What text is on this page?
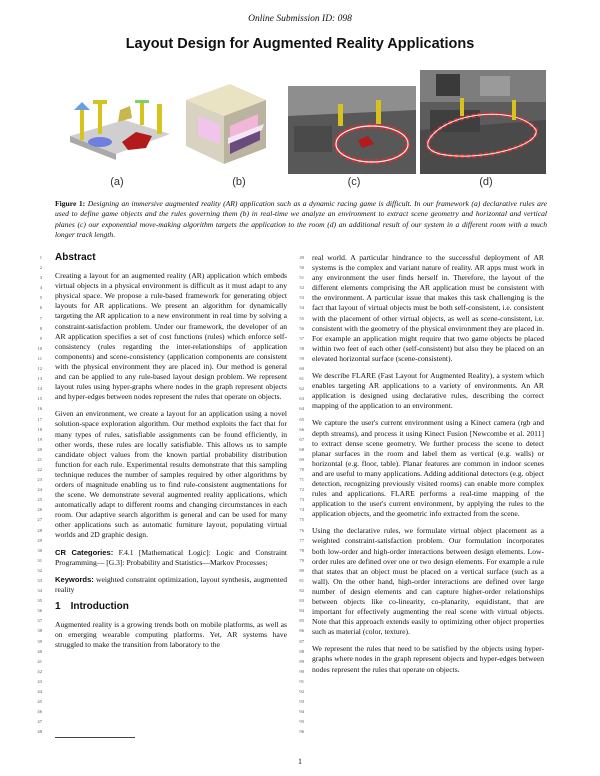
Online Submission ID: 098
Layout Design for Augmented Reality Applications
(a)	(b)	(c)	(d)
Figure 1: Designing an immersive augmented reality (AR) application such as a dynamic racing game is difficult. In our framework (a) declarative rules are used to define game objects and the rules governing them (b) in real-time we analyze an environment to extract scene geometry and horizontal and vertical planes (c) our exponential move-making algorithm targets the application to the room (d) an additional result of our system in a different room with a much longer track length.
1
2
3
4
5
6
7
8
9
10
11
12
13
14
15
16
17
18
19
20
21
22
23
24
25
26
27
28
29
30
31
32
33
34
35
36
37
38
39
40
41
42
43
44
45
46
47
48
49
50
51
52
53
54
55
56
57
58
59
60
61
62
63
64
65
66
67
68
69
70
71
72
73
74
75
76
77
78
79
80
81
82
83
84
85
86
87
88
89
90
91
92
93
94
95
96
Abstract

Creating a layout for an augmented reality (AR) application which embeds virtual objects in a physical environment is difficult as it must adapt to any physical space. We propose a rule-based framework for generating object layouts for AR applications. We present an algorithm for dynamically targeting the AR application to a new environment in real time by solving a constraint-satisfaction problem. Under our framework, the developer of an AR application specifies a set of cost functions (rules) which enforce self-consistency (rules regarding the inter-relationships of application components) and scene-consistency (application components are consistent with the physical environment they are placed in). Our method is general and can be applied to any rule-based layout design problem. We represent layout rules using hyper-graphs where nodes in the graph represent objects and hyper-edges between nodes represent the rules that operate on objects.

Given an environment, we create a layout for an application using a novel solution-space exploration algorithm. Our method exploits the fact that for many types of rules, satisfiable assignments can be found efficiently, in other words, these rules are locally satisfiable. This allows us to sample candidate object values from the known partial probability distribution function for each rule. Experimental results demonstrate that this sampling technique reduces the number of samples required by other algorithms by orders of magnitude enabling us to find rule-consistent augmentations for the scene. We demonstrate several augmented reality applications, which automatically adapt to different rooms and changing circumstances in each room. Our adaptive search algorithm is general and can be used for many other applications such as automatic furniture layout, populating virtual worlds and 2D graphic design.

CR Categories: F.4.1 [Mathematical Logic]: Logic and Constraint Programming— [G.3]: Probability and Statistics—Markov Processes;

Keywords: weighted constraint optimization, layout synthesis, augmented reality

1 Introduction

Augmented reality is a growing trends both on mobile platforms, as well as on emerging wearable computing platforms. Yet, AR systems have struggled to make the transition from laboratory to the

real world. A particular hindrance to the successful deployment of AR systems is the complex and variant nature of reality. AR apps must work in any environment the user finds herself in. Therefore, the layout of the different elements comprising the AR application must be consistent with the environment. A particular issue that makes this task challenging is the fact that layout of virtual objects must be both self-consistent, i.e. consistent with the placement of other virtual objects, as well as scene-consistent, i.e. consistent with the geometry of the physical environment they are placed in. For example an application might require that two game objects be placed within two feet of each other (self-consistent) but also they be placed on an elevated horizontal surface (scene-consistent).

We describe FLARE (Fast Layout for Augmented Reality), a system which enables targeting AR applications to a variety of environments. An AR application is designed using declarative rules, describing the correct mapping of the application to an environment.

We capture the user's current environment using a Kinect camera (rgb and depth streams), and process it using Kinect Fusion [Newcombe et al. 2011] to extract dense scene geometry. We further process the scene to detect planar surfaces in the room and label them as vertical (e.g. walls) or horizontal (e.g. floor, table). Planar features are common in indoor scenes and are useful to many applications. Adding additional detectors (e.g. object detection, recognizing previously visited rooms) can enable more complex rules and applications. FLARE performs a real-time mapping of the application to the user's current environment, by applying the rules to the application objects, and the geometric info extracted from the scene.

Using the declarative rules, we formulate virtual object placement as a weighted constraint-satisfaction problem. Our formulation incorporates both low-order and high-order interactions between design elements. Low-order rules are defined over one or two design elements. For example a rule that states that an object must be placed on a vertical surface (such as a wall). On the other hand, high-order interactions are defined over large number of design elements and can capture higher-order relationships between objects like co-linearity, co-planarity, equidistant, that are important for effectively augmenting the real scene with virtual objects. Note that this approach extends easily to optimizing other object properties such as material (color, texture).

We represent the rules that need to be satisfied by the objects using hyper-graphs where nodes in the graph represent objects and hyper-edges between nodes represent the rules that operate on objects.

1
